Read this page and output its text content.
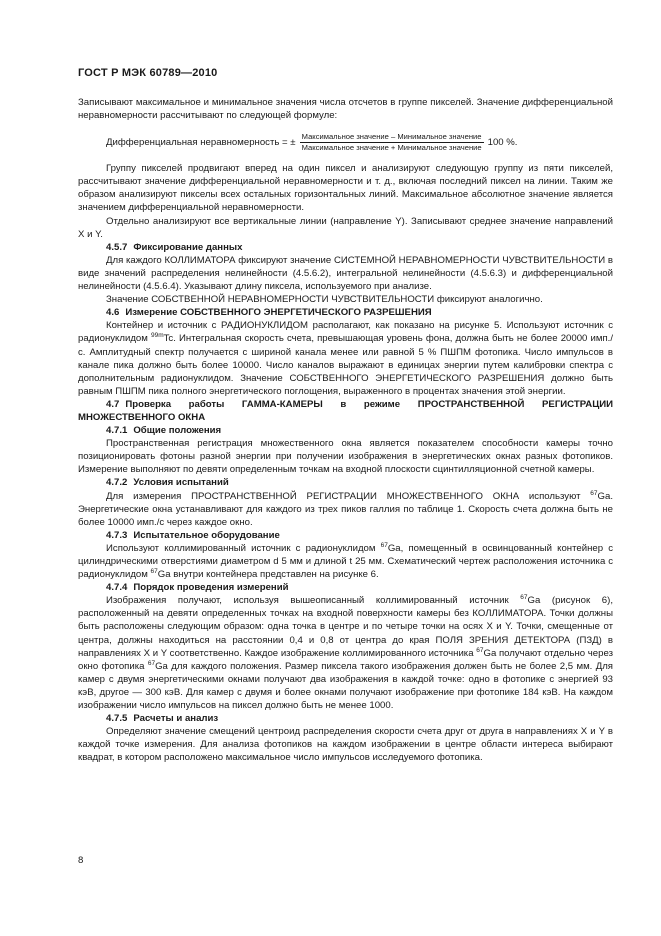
ГОСТ Р МЭК 60789—2010

Записывают максимальное и минимальное значения числа отсчетов в группе пикселей. Значение дифференциальной неравномерности рассчитывают по следующей формуле:

Дифференциальная неравномерность = ± $\frac{\text{Максимальное значение – Минимальное значение}}{\text{Максимальное значение + Минимальное значение}} 100$ %.

Группу пикселей продвигают вперед на один пиксел и анализируют следующую группу из пяти пикселей, рассчитывают значение дифференциальной неравномерности и т. д., включая последний пиксел на линии. Таким же образом анализируют пикселы всех остальных горизонтальных линий. Максимальное абсолютное значение является значением дифференциальной неравномерности.

Отдельно анализируют все вертикальные линии (направление Y). Записывают среднее значение направлений X и Y.

4.5.7 Фиксирование данных

Для каждого КОЛЛИМАТОРА фиксируют значение СИСТЕМНОЙ НЕРАВНОМЕРНОСТИ ЧУВСТВИТЕЛЬНОСТИ в виде значений распределения нелинейности (4.5.6.2), интегральной нелинейности (4.5.6.3) и дифференциальной нелинейности (4.5.6.4). Указывают длину пиксела, используемого при анализе.

Значение СОБСТВЕННОЙ НЕРАВНОМЕРНОСТИ ЧУВСТВИТЕЛЬНОСТИ фиксируют аналогично.

4.6 Измерение СОБСТВЕННОГО ЭНЕРГЕТИЧЕСКОГО РАЗРЕШЕНИЯ

Контейнер и источник с РАДИОНУКЛИДОМ располагают, как показано на рисунке 5. Используют источник с радионуклидом $^{99m}$Tc. Интегральная скорость счета, превышающая уровень фона, должна быть не более 20000 имп./с. Амплитудный спектр получается с шириной канала менее или равной 5 % ПШПМ фотопика. Число импульсов в канале пика должно быть более 10000. Число каналов выражают в единицах энергии путем калибровки спектра с дополнительным радионуклидом. Значение СОБСТВЕННОГО ЭНЕРГЕТИЧЕСКОГО РАЗРЕШЕНИЯ должно быть равным ПШПМ пика полного энергетического поглощения, выраженного в процентах значения этой энергии.

4.7 Проверка работы ГАММА-КАМЕРЫ в режиме ПРОСТРАНСТВЕННОЙ РЕГИСТРАЦИИ МНОЖЕСТВЕННОГО ОКНА

4.7.1 Общие положения

Пространственная регистрация множественного окна является показателем способности камеры точно позиционировать фотоны разной энергии при получении изображения в энергетических окнах разных фотопиков. Измерение выполняют по девяти определенным точкам на входной плоскости сцинтилляционной счетной камеры.

4.7.2 Условия испытаний

Для измерения ПРОСТРАНСТВЕННОЙ РЕГИСТРАЦИИ МНОЖЕСТВЕННОГО ОКНА используют $^{67}$Ga. Энергетические окна устанавливают для каждого из трех пиков галлия по таблице 1. Скорость счета должна быть не более 10000 имп./с через каждое окно.

4.7.3 Испытательное оборудование

Используют коллимированный источник с радионуклидом $^{67}$Ga, помещенный в освинцованный контейнер с цилиндрическими отверстиями диаметром d 5 мм и длиной t 25 мм. Схематический чертеж расположения источника с радионуклидом $^{67}$Ga внутри контейнера представлен на рисунке 6.

4.7.4 Порядок проведения измерений

Изображения получают, используя вышеописанный коллимированный источник $^{67}$Ga (рисунок 6), расположенный на девяти определенных точках на входной поверхности камеры без КОЛЛИМАТОРА. Точки должны быть расположены следующим образом: одна точка в центре и по четыре точки на осях X и Y. Точки, смещенные от центра, должны находиться на расстоянии 0,4 и 0,8 от центра до края ПОЛЯ ЗРЕНИЯ ДЕТЕКТОРА (ПЗД) в направлениях X и Y соответственно. Каждое изображение коллимированного источника $^{67}$Ga получают отдельно через окно фотопика $^{67}$Ga для каждого положения. Размер пиксела такого изображения должен быть не более 2,5 мм. Для камер с двумя энергетическими окнами получают два изображения в каждой точке: одно в фотопике с энергией 93 кэВ, другое — 300 кэВ. Для камер с двумя и более окнами получают изображение при фотопике 184 кэВ. На каждом изображении число импульсов на пиксел должно быть не менее 1000.

4.7.5 Расчеты и анализ

Определяют значение смещений центроид распределения скорости счета друг от друга в направлениях X и Y в каждой точке измерения. Для анализа фотопиков на каждом изображении в центре области интереса выбирают квадрат, в котором расположено максимальное число импульсов исследуемого фотопика.

8
